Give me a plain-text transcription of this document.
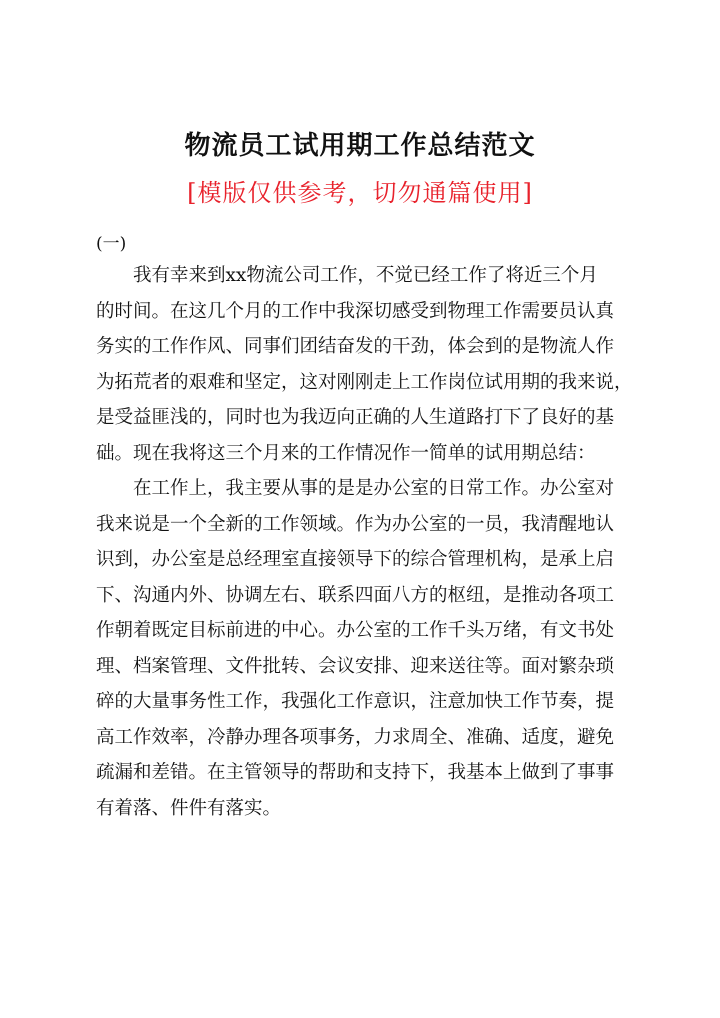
物流员工试用期工作总结范文
[模版仅供参考，切勿通篇使用]
(一)

我有幸来到xx物流公司工作，不觉已经工作了将近三个月
的时间。在这几个月的工作中我深切感受到物理工作需要员认真
务实的工作作风、同事们团结奋发的干劲，体会到的是物流人作
为拓荒者的艰难和坚定，这对刚刚走上工作岗位试用期的我来说，
是受益匪浅的，同时也为我迈向正确的人生道路打下了良好的基
础。现在我将这三个月来的工作情况作一简单的试用期总结：

在工作上，我主要从事的是是办公室的日常工作。办公室对
我来说是一个全新的工作领域。作为办公室的一员，我清醒地认
识到，办公室是总经理室直接领导下的综合管理机构，是承上启
下、沟通内外、协调左右、联系四面八方的枢纽，是推动各项工
作朝着既定目标前进的中心。办公室的工作千头万绪，有文书处
理、档案管理、文件批转、会议安排、迎来送往等。面对繁杂琐
碎的大量事务性工作，我强化工作意识，注意加快工作节奏，提
高工作效率，冷静办理各项事务，力求周全、准确、适度，避免
疏漏和差错。在主管领导的帮助和支持下，我基本上做到了事事
有着落、件件有落实。
